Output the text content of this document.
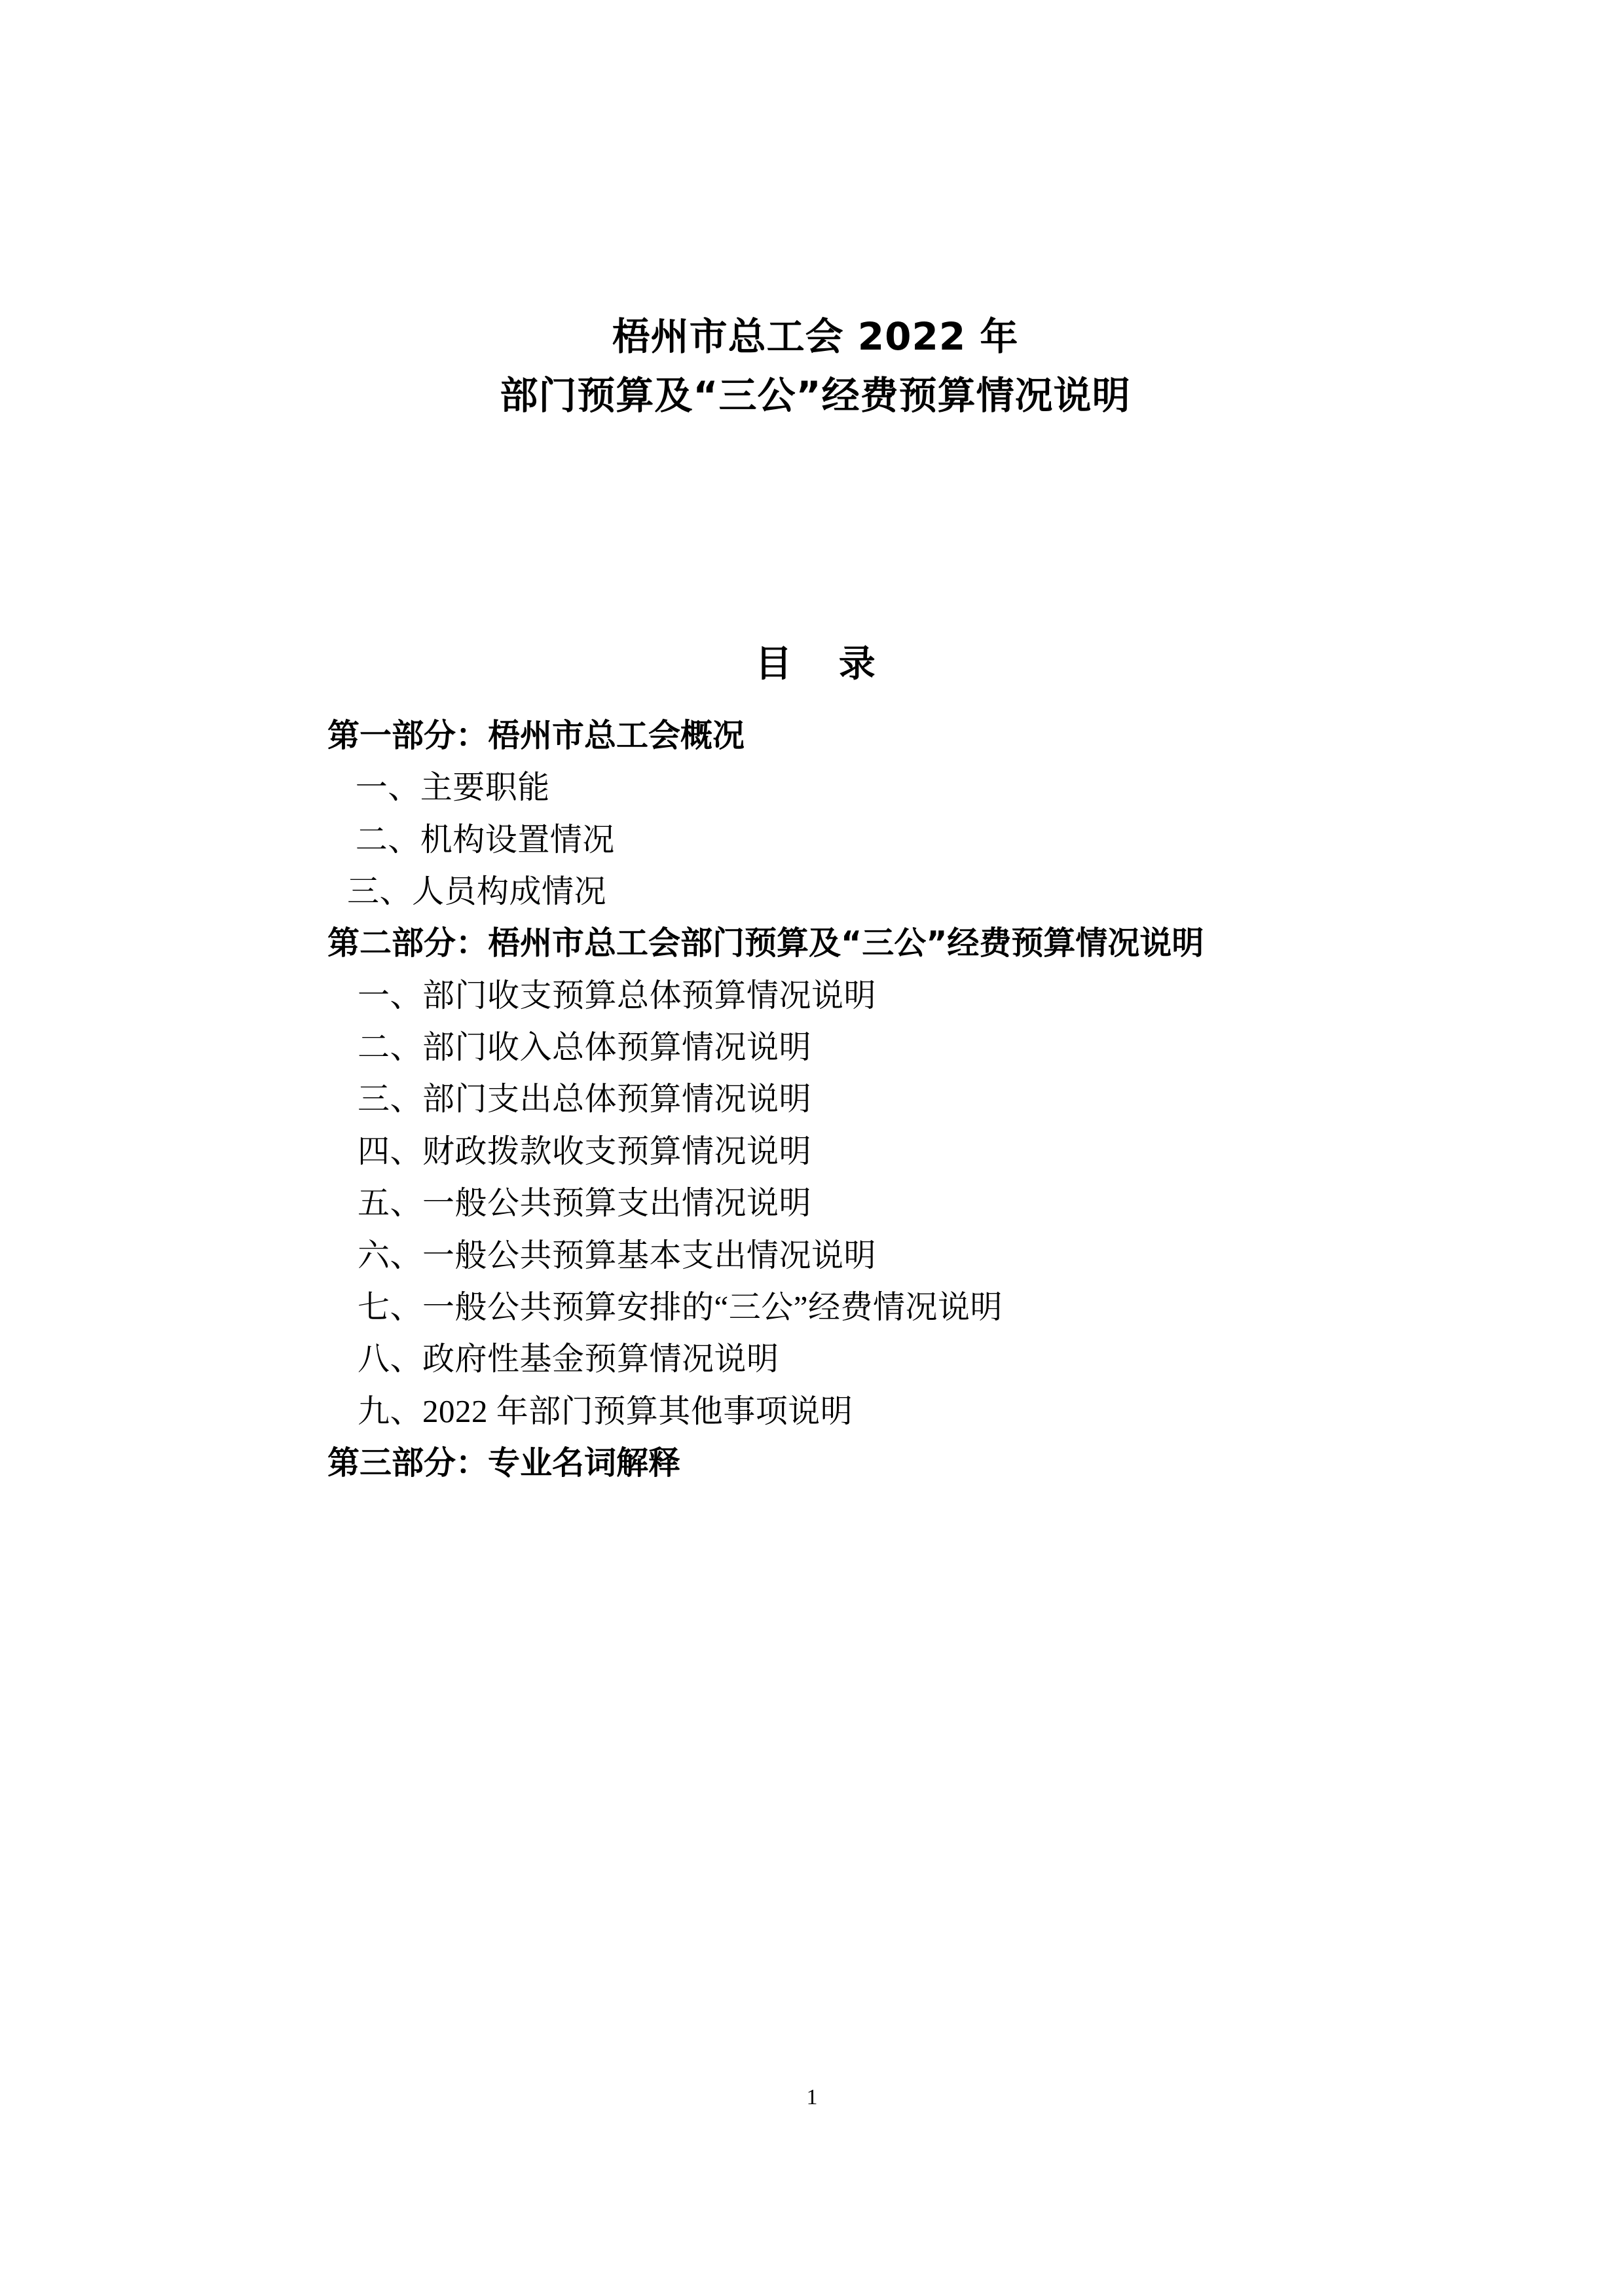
梧州市总工会 2022 年
部门预算及“三公”经费预算情况说明
目 录
第一部分：梧州市总工会概况
一、主要职能
二、机构设置情况
三、人员构成情况
第二部分：梧州市总工会部门预算及“三公”经费预算情况说明
一、部门收支预算总体预算情况说明
二、部门收入总体预算情况说明
三、部门支出总体预算情况说明
四、财政拨款收支预算情况说明
五、一般公共预算支出情况说明
六、一般公共预算基本支出情况说明
七、一般公共预算安排的“三公”经费情况说明
八、政府性基金预算情况说明
九、2022 年部门预算其他事项说明
第三部分：专业名词解释
1
